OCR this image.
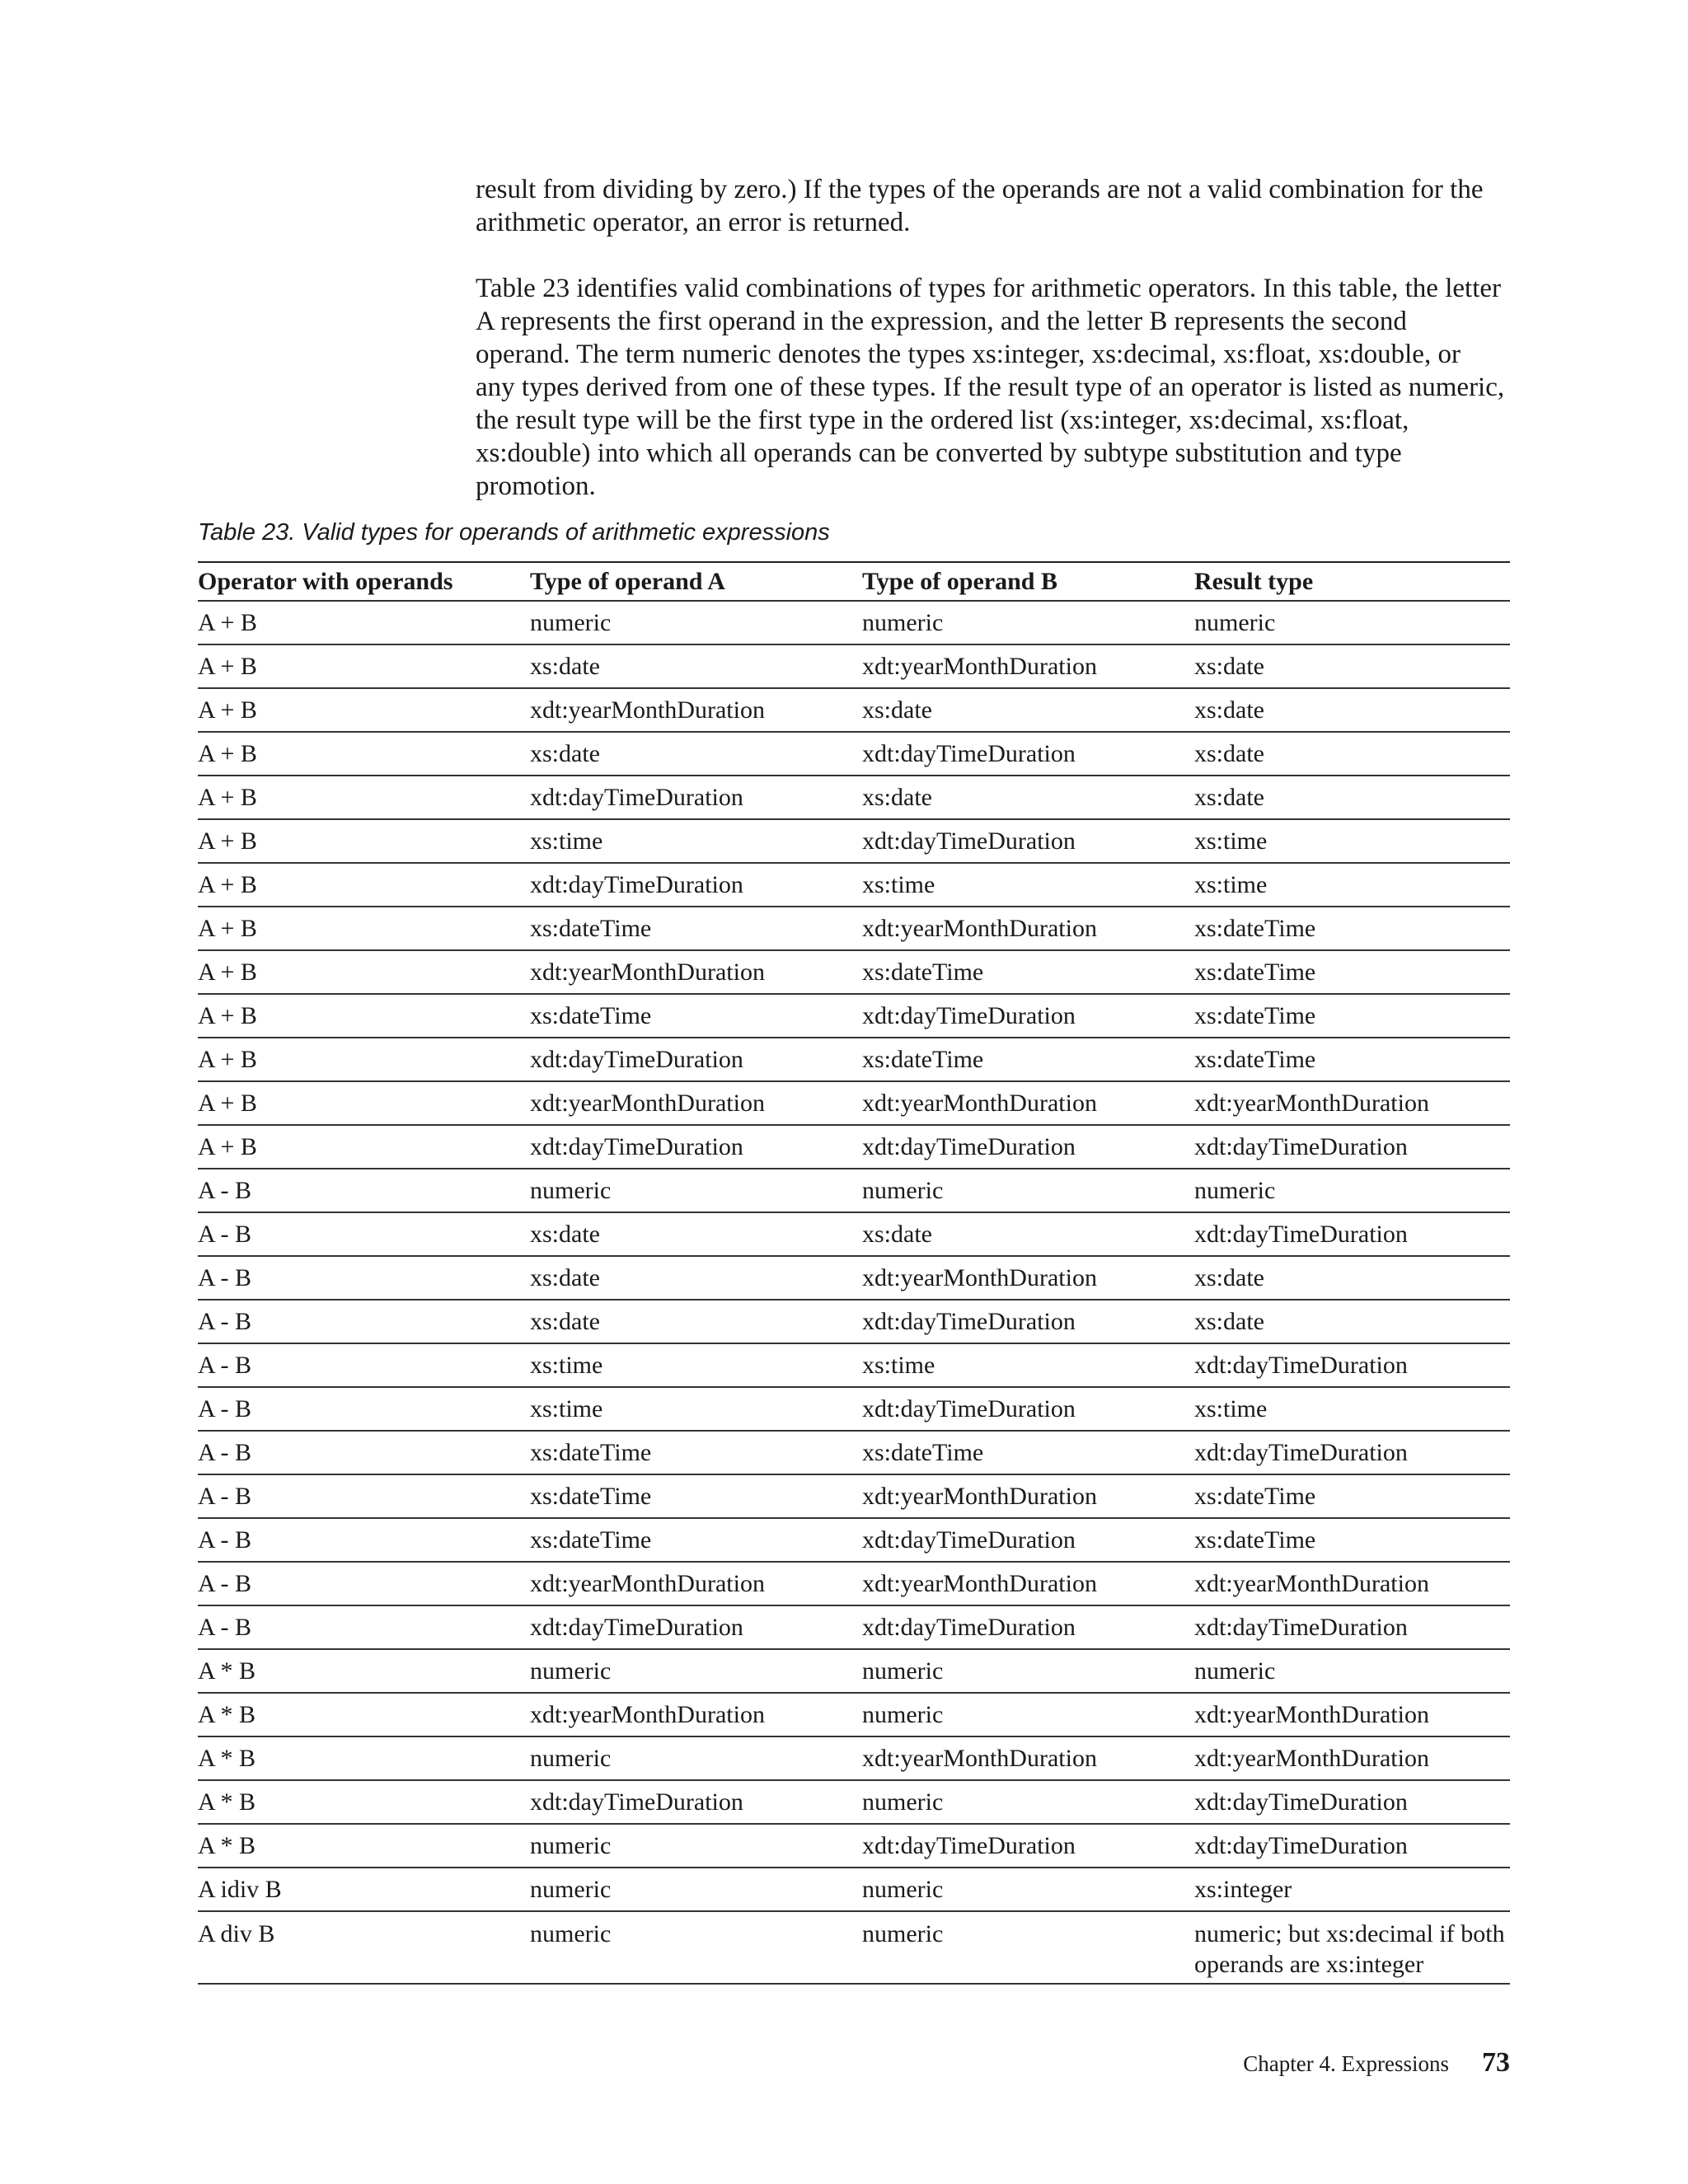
result from dividing by zero.) If the types of the operands are not a valid combination for the arithmetic operator, an error is returned.

Table 23 identifies valid combinations of types for arithmetic operators. In this table, the letter A represents the first operand in the expression, and the letter B represents the second operand. The term numeric denotes the types xs:integer, xs:decimal, xs:float, xs:double, or any types derived from one of these types. If the result type of an operator is listed as numeric, the result type will be the first type in the ordered list (xs:integer, xs:decimal, xs:float, xs:double) into which all operands can be converted by subtype substitution and type promotion.

Table 23. Valid types for operands of arithmetic expressions

Operator with operands	Type of operand A	Type of operand B	Result type
A + B	numeric	numeric	numeric
A + B	xs:date	xdt:yearMonthDuration	xs:date
A + B	xdt:yearMonthDuration	xs:date	xs:date
A + B	xs:date	xdt:dayTimeDuration	xs:date
A + B	xdt:dayTimeDuration	xs:date	xs:date
A + B	xs:time	xdt:dayTimeDuration	xs:time
A + B	xdt:dayTimeDuration	xs:time	xs:time
A + B	xs:dateTime	xdt:yearMonthDuration	xs:dateTime
A + B	xdt:yearMonthDuration	xs:dateTime	xs:dateTime
A + B	xs:dateTime	xdt:dayTimeDuration	xs:dateTime
A + B	xdt:dayTimeDuration	xs:dateTime	xs:dateTime
A + B	xdt:yearMonthDuration	xdt:yearMonthDuration	xdt:yearMonthDuration
A + B	xdt:dayTimeDuration	xdt:dayTimeDuration	xdt:dayTimeDuration
A - B	numeric	numeric	numeric
A - B	xs:date	xs:date	xdt:dayTimeDuration
A - B	xs:date	xdt:yearMonthDuration	xs:date
A - B	xs:date	xdt:dayTimeDuration	xs:date
A - B	xs:time	xs:time	xdt:dayTimeDuration
A - B	xs:time	xdt:dayTimeDuration	xs:time
A - B	xs:dateTime	xs:dateTime	xdt:dayTimeDuration
A - B	xs:dateTime	xdt:yearMonthDuration	xs:dateTime
A - B	xs:dateTime	xdt:dayTimeDuration	xs:dateTime
A - B	xdt:yearMonthDuration	xdt:yearMonthDuration	xdt:yearMonthDuration
A - B	xdt:dayTimeDuration	xdt:dayTimeDuration	xdt:dayTimeDuration
A * B	numeric	numeric	numeric
A * B	xdt:yearMonthDuration	numeric	xdt:yearMonthDuration
A * B	numeric	xdt:yearMonthDuration	xdt:yearMonthDuration
A * B	xdt:dayTimeDuration	numeric	xdt:dayTimeDuration
A * B	numeric	xdt:dayTimeDuration	xdt:dayTimeDuration
A idiv B	numeric	numeric	xs:integer
A div B	numeric	numeric	numeric; but xs:decimal if both operands are xs:integer
Chapter 4. Expressions 73
